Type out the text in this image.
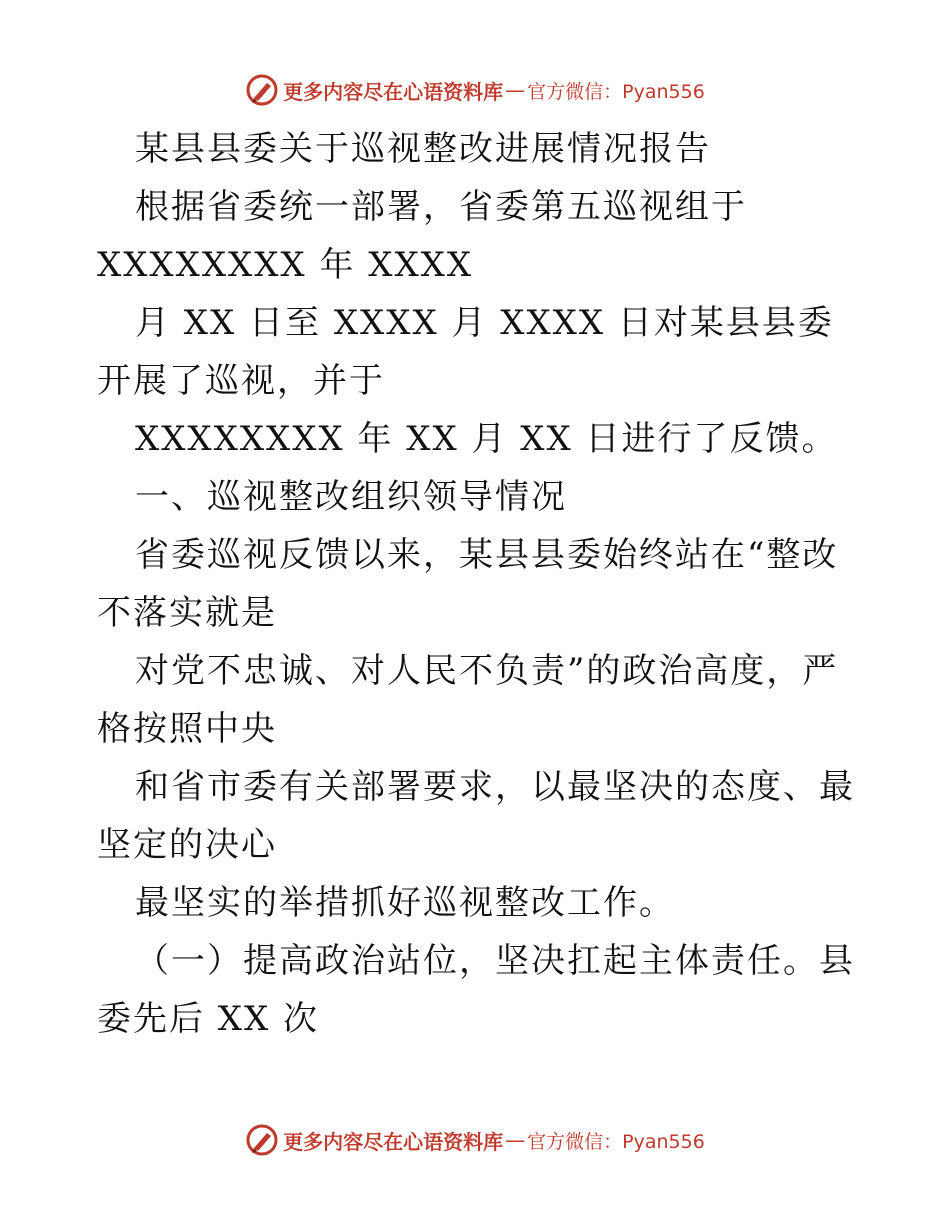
更多内容尽在心语资料库 — 官方微信：Pyan556

某县县委关于巡视整改进展情况报告

根据省委统一部署，省委第五巡视组于

XXXXXXXX 年 XXXX

月 XX 日至 XXXX 月 XXXX 日对某县县委开展了巡视，并于

XXXXXXXX 年 XX 月 XX 日进行了反馈。

一、巡视整改组织领导情况

省委巡视反馈以来，某县县委始终站在“整改不落实就是

对党不忠诚、对人民不负责”的政治高度，严格按照中央

和省市委有关部署要求，以最坚决的态度、最坚定的决心

最坚实的举措抓好巡视整改工作。

（一）提高政治站位，坚决扛起主体责任。县委先后 XX 次

更多内容尽在心语资料库 — 官方微信：Pyan556
